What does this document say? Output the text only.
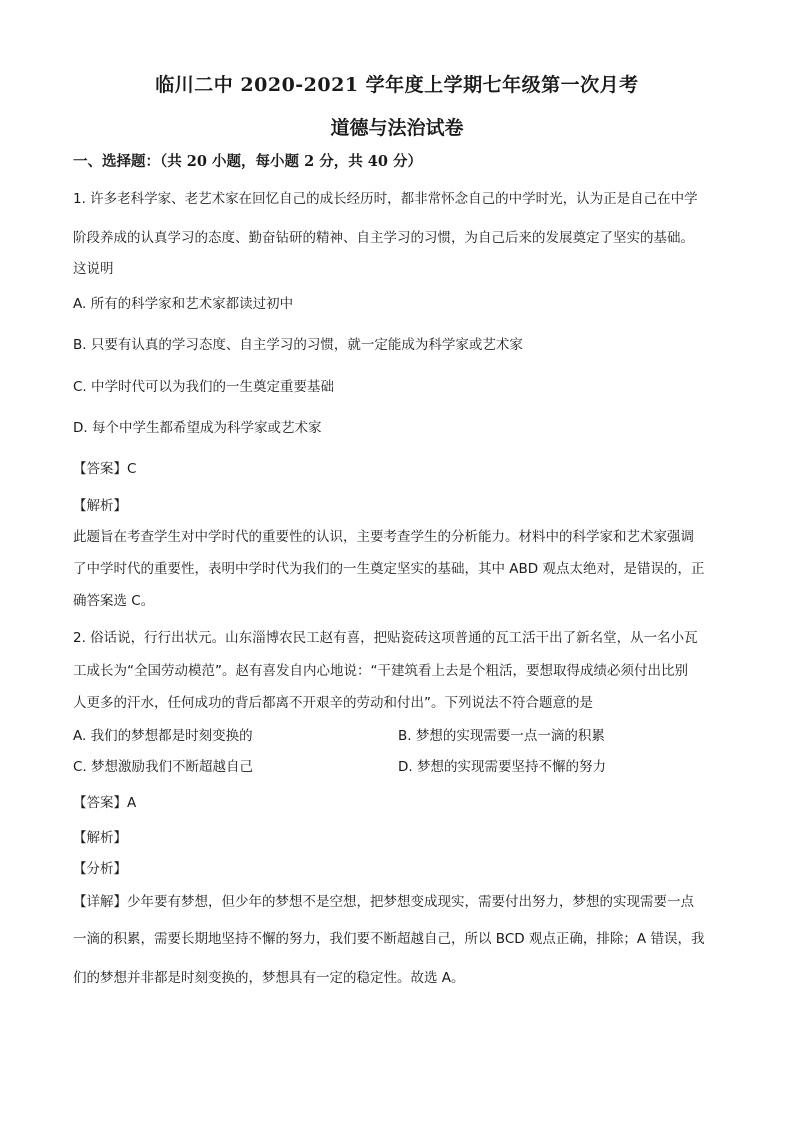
临川二中 2020-2021 学年度上学期七年级第一次月考
道德与法治试卷
一、选择题：（共 20 小题，每小题 2 分，共 40 分）
1. 许多老科学家、老艺术家在回忆自己的成长经历时，都非常怀念自己的中学时光，认为正是自己在中学
阶段养成的认真学习的态度、勤奋钻研的精神、自主学习的习惯，为自己后来的发展奠定了坚实的基础。
这说明
A. 所有的科学家和艺术家都读过初中
B. 只要有认真的学习态度、自主学习的习惯，就一定能成为科学家或艺术家
C. 中学时代可以为我们的一生奠定重要基础
D. 每个中学生都希望成为科学家或艺术家
【答案】C
【解析】
此题旨在考查学生对中学时代的重要性的认识，主要考查学生的分析能力。材料中的科学家和艺术家强调
了中学时代的重要性，表明中学时代为我们的一生奠定坚实的基础，其中 ABD 观点太绝对，是错误的，正
确答案选 C。
2. 俗话说，行行出状元。山东淄博农民工赵有喜，把贴瓷砖这项普通的瓦工活干出了新名堂，从一名小瓦
工成长为“全国劳动模范”。赵有喜发自内心地说：“干建筑看上去是个粗活，要想取得成绩必须付出比别
人更多的汗水，任何成功的背后都离不开艰辛的劳动和付出”。下列说法不符合题意的是
A. 我们的梦想都是时刻变换的	B. 梦想的实现需要一点一滴的积累
C. 梦想激励我们不断超越自己	D. 梦想的实现需要坚持不懈的努力
【答案】A
【解析】
【分析】
【详解】少年要有梦想，但少年的梦想不是空想，把梦想变成现实，需要付出努力，梦想的实现需要一点
一滴的积累，需要长期地坚持不懈的努力，我们要不断超越自己，所以 BCD 观点正确，排除；A 错误，我
们的梦想并非都是时刻变换的，梦想具有一定的稳定性。故选 A。
